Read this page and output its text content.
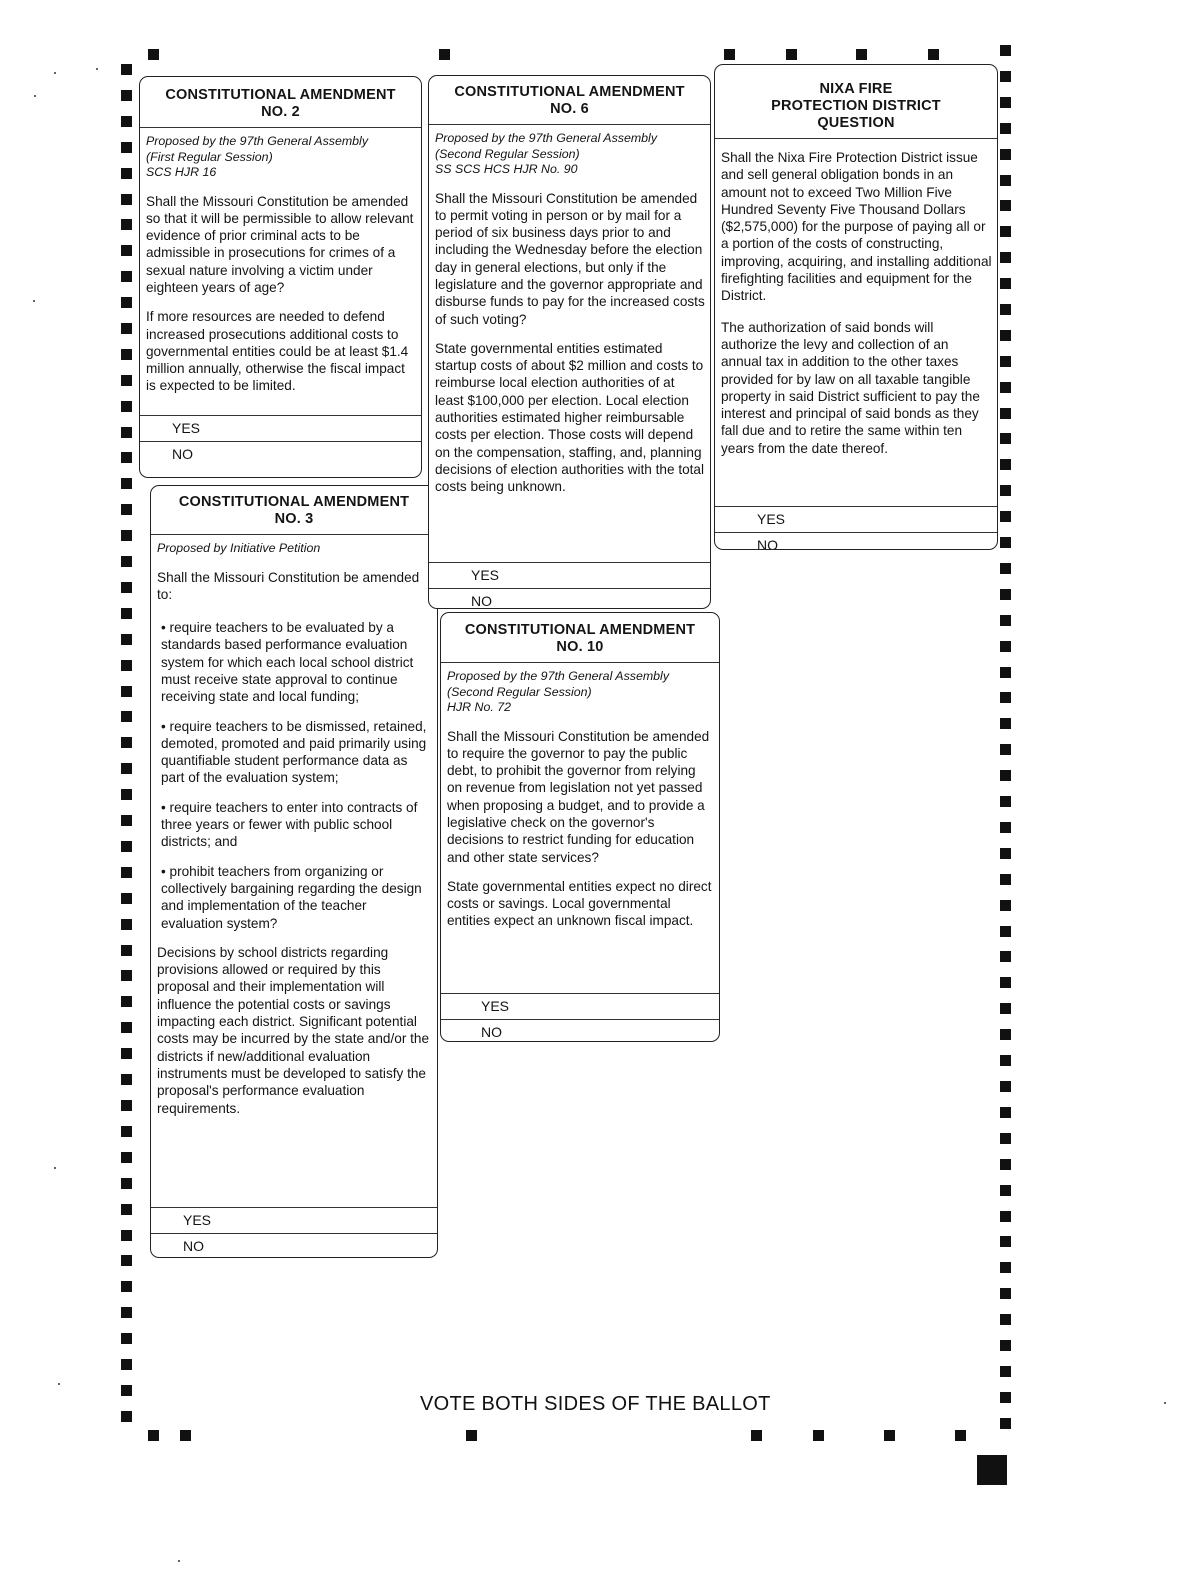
CONSTITUTIONAL AMENDMENT
NO. 2
Proposed by the 97th General Assembly
(First Regular Session)
SCS HJR 16

Shall the Missouri Constitution be amended so that it will be permissible to allow relevant evidence of prior criminal acts to be admissible in prosecutions for crimes of a sexual nature involving a victim under eighteen years of age?

If more resources are needed to defend increased prosecutions additional costs to governmental entities could be at least $1.4 million annually, otherwise the fiscal impact is expected to be limited.

YES
NO
CONSTITUTIONAL AMENDMENT
NO. 3
Proposed by Initiative Petition

Shall the Missouri Constitution be amended to:

• require teachers to be evaluated by a standards based performance evaluation system for which each local school district must receive state approval to continue receiving state and local funding;

• require teachers to be dismissed, retained, demoted, promoted and paid primarily using quantifiable student performance data as part of the evaluation system;

• require teachers to enter into contracts of three years or fewer with public school districts; and

• prohibit teachers from organizing or collectively bargaining regarding the design and implementation of the teacher evaluation system?

Decisions by school districts regarding provisions allowed or required by this proposal and their implementation will influence the potential costs or savings impacting each district. Significant potential costs may be incurred by the state and/or the districts if new/additional evaluation instruments must be developed to satisfy the proposal's performance evaluation requirements.

YES
NO
CONSTITUTIONAL AMENDMENT
NO. 6
Proposed by the 97th General Assembly
(Second Regular Session)
SS SCS HCS HJR No. 90

Shall the Missouri Constitution be amended to permit voting in person or by mail for a period of six business days prior to and including the Wednesday before the election day in general elections, but only if the legislature and the governor appropriate and disburse funds to pay for the increased costs of such voting?

State governmental entities estimated startup costs of about $2 million and costs to reimburse local election authorities of at least $100,000 per election. Local election authorities estimated higher reimbursable costs per election. Those costs will depend on the compensation, staffing, and, planning decisions of election authorities with the total costs being unknown.

YES
NO
CONSTITUTIONAL AMENDMENT
NO. 10
Proposed by the 97th General Assembly
(Second Regular Session)
HJR No. 72

Shall the Missouri Constitution be amended to require the governor to pay the public debt, to prohibit the governor from relying on revenue from legislation not yet passed when proposing a budget, and to provide a legislative check on the governor's decisions to restrict funding for education and other state services?

State governmental entities expect no direct costs or savings. Local governmental entities expect an unknown fiscal impact.

YES
NO
NIXA FIRE
PROTECTION DISTRICT
QUESTION

Shall the Nixa Fire Protection District issue and sell general obligation bonds in an amount not to exceed Two Million Five Hundred Seventy Five Thousand Dollars ($2,575,000) for the purpose of paying all or a portion of the costs of constructing, improving, acquiring, and installing additional firefighting facilities and equipment for the District.

The authorization of said bonds will authorize the levy and collection of an annual tax in addition to the other taxes provided for by law on all taxable tangible property in said District sufficient to pay the interest and principal of said bonds as they fall due and to retire the same within ten years from the date thereof.

YES
NO
VOTE BOTH SIDES OF THE BALLOT
